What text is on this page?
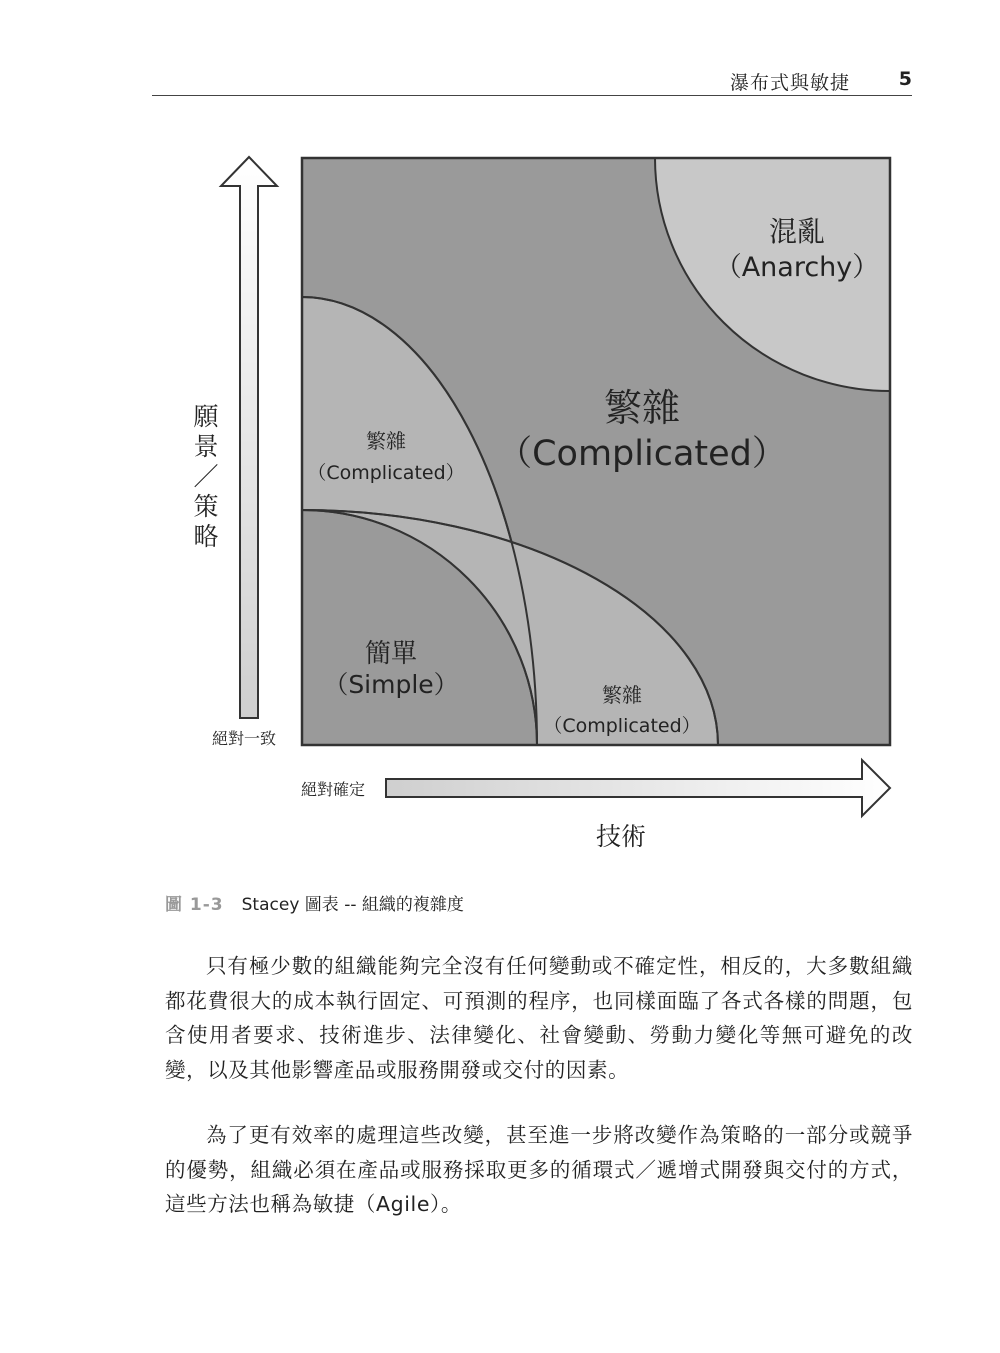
瀑布式與敏捷	5
混亂
（Anarchy）
繁雜
（Complicated）
繁雜
（Complicated）
簡單
（Simple）	繁雜
（Complicated）
願
景
／
策
略
絕對一致
絕對確定
技術
圖 1-3 Stacey 圖表 -- 組織的複雜度
只有極少數的組織能夠完全沒有任何變動或不確定性，相反的，大多數組織都花費很大的成本執行固定、可預測的程序，也同樣面臨了各式各樣的問題，包含使用者要求、技術進步、法律變化、社會變動、勞動力變化等無可避免的改變，以及其他影響產品或服務開發或交付的因素。
為了更有效率的處理這些改變，甚至進一步將改變作為策略的一部分或競爭的優勢，組織必須在產品或服務採取更多的循環式／遞增式開發與交付的方式，這些方法也稱為敏捷（Agile）。
